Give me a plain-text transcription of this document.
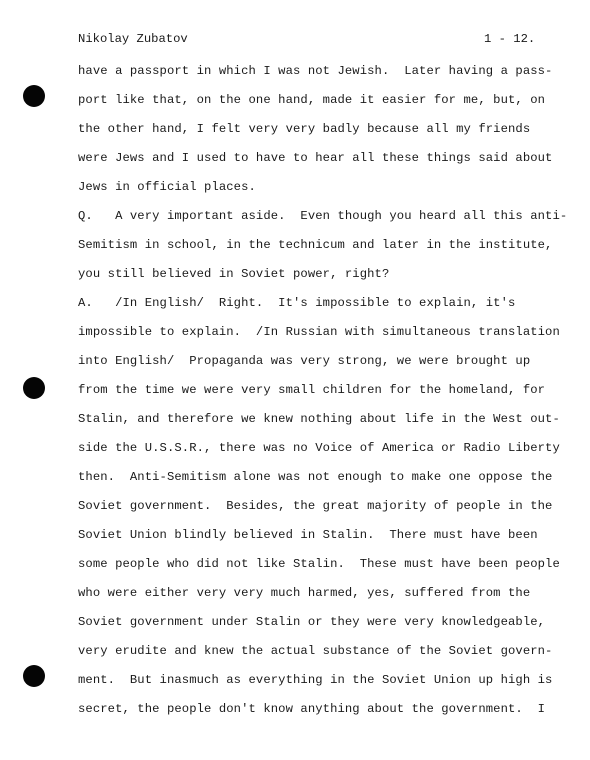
Nikolay Zubatov	1 - 12.
have a passport in which I was not Jewish.  Later having a pass-
port like that, on the one hand, made it easier for me, but, on
the other hand, I felt very very badly because all my friends
were Jews and I used to have to hear all these things said about
Jews in official places.
Q.   A very important aside.  Even though you heard all this anti-
Semitism in school, in the technicum and later in the institute,
you still believed in Soviet power, right?
A.   /In English/  Right.  It's impossible to explain, it's
impossible to explain.  /In Russian with simultaneous translation
into English/  Propaganda was very strong, we were brought up
from the time we were very small children for the homeland, for
Stalin, and therefore we knew nothing about life in the West out-
side the U.S.S.R., there was no Voice of America or Radio Liberty
then.  Anti-Semitism alone was not enough to make one oppose the
Soviet government.  Besides, the great majority of people in the
Soviet Union blindly believed in Stalin.  There must have been
some people who did not like Stalin.  These must have been people
who were either very very much harmed, yes, suffered from the
Soviet government under Stalin or they were very knowledgeable,
very erudite and knew the actual substance of the Soviet govern-
ment.  But inasmuch as everything in the Soviet Union up high is
secret, the people don't know anything about the government.  I
